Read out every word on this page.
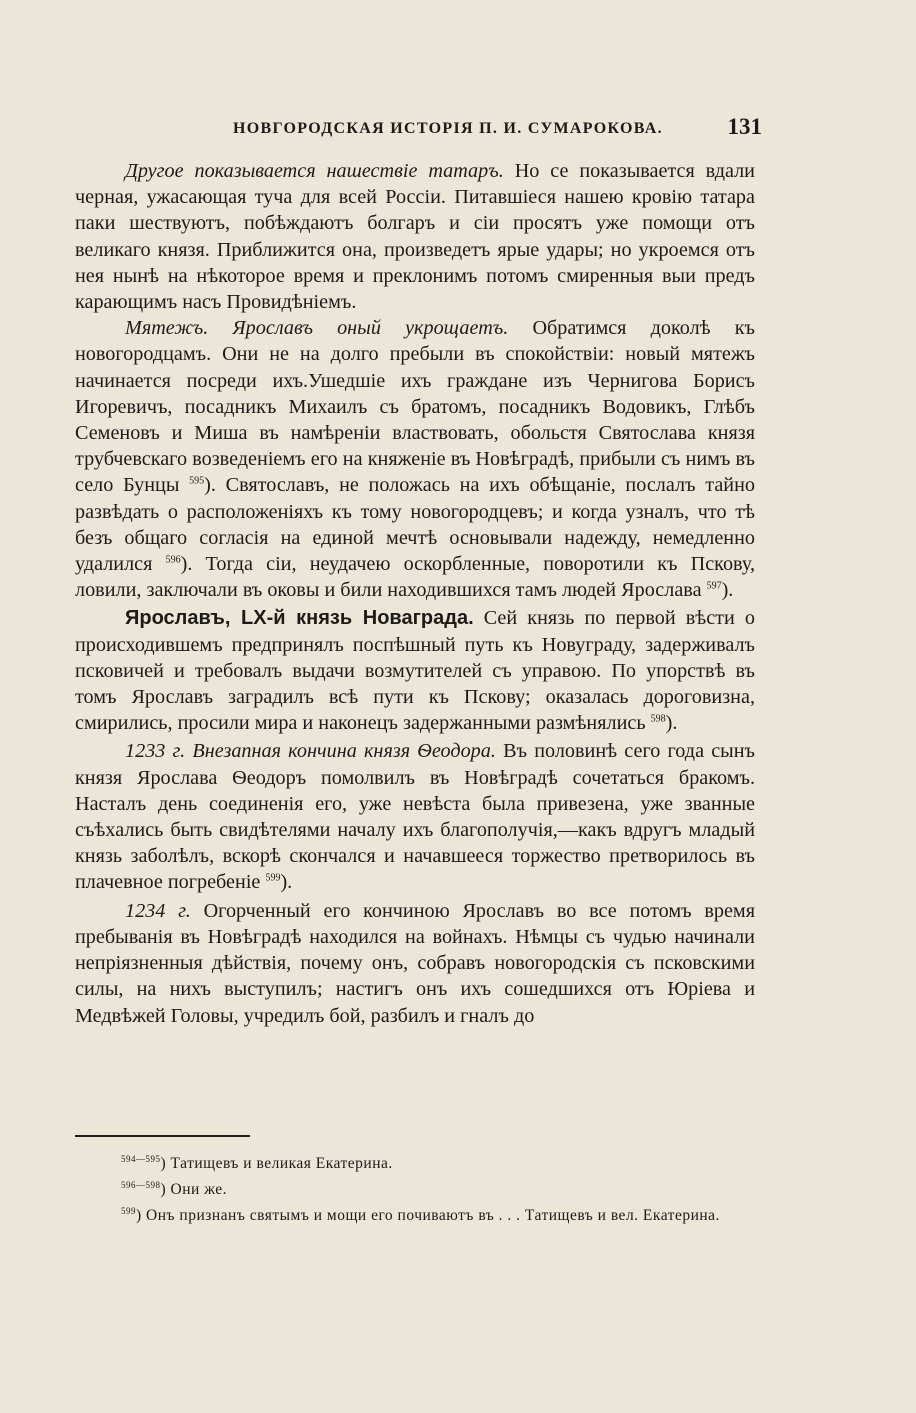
НОВГОРОДСКАЯ ИСТОРІЯ П. И. СУМАРОКОВА.	131

Другое показывается нашествіе татаръ. Но се показывается вдали черная, ужасающая туча для всей Россіи. Питавшіеся нашею кровію татара паки шествуютъ, побѣждаютъ болгаръ и сіи просятъ уже помощи отъ великаго князя. Приближится она, произведетъ ярые удары; но укроемся отъ нея нынѣ на нѣкоторое время и преклонимъ потомъ смиренныя выи предъ карающимъ насъ Провидѣніемъ.

Мятежъ. Ярославъ оный укрощаетъ. Обратимся доколѣ къ новогородцамъ. Они не на долго пребыли въ спокойствіи: новый мятежъ начинается посреди ихъ.Ушедшіе ихъ граждане изъ Чернигова Борисъ Игоревичъ, посадникъ Михаилъ съ братомъ, посадникъ Водовикъ, Глѣбъ Семеновъ и Миша въ намѣреніи властвовать, обольстя Святослава князя трубчевскаго возведеніемъ его на княженіе въ Новѣградѣ, прибыли съ нимъ въ село Бунцы $^{595}$). Святославъ, не положась на ихъ обѣщаніе, послалъ тайно развѣдать о расположеніяхъ къ тому новогородцевъ; и когда узналъ, что тѣ безъ общаго согласія на единой мечтѣ основывали надежду, немедленно удалился $^{596}$). Тогда сіи, неудачею оскорбленные, поворотили къ Пскову, ловили, заключали въ оковы и били находившихся тамъ людей Ярослава $^{597}$).

Ярославъ, LX-й князь Новаграда. Сей князь по первой вѣсти о происходившемъ предпринялъ поспѣшный путь къ Новуграду, задерживалъ псковичей и требовалъ выдачи возмутителей съ управою. По упорствѣ въ томъ Ярославъ заградилъ всѣ пути къ Пскову; оказалась дороговизна, смирились, просили мира и наконецъ задержанными размѣнялись $^{598}$).

1233 г. Внезапная кончина князя Ѳеодора. Въ половинѣ сего года сынъ князя Ярослава Ѳеодоръ помолвилъ въ Новѣградѣ сочетаться бракомъ. Насталъ день соединенія его, уже невѣста была привезена, уже званные съѣхались быть свидѣтелями началу ихъ благополучія,—какъ вдругъ младый князь заболѣлъ, вскорѣ скончался и начавшееся торжество претворилось въ плачевное погребеніе $^{599}$).

1234 г. Огорченный его кончиною Ярославъ во все потомъ время пребыванія въ Новѣградѣ находился на войнахъ. Нѣмцы съ чудью начинали непріязненныя дѣйствія, почему онъ, собравъ новогородскія съ псковскими силы, на нихъ выступилъ; настигъ онъ ихъ сошедшихся отъ Юріева и Медвѣжей Головы, учредилъ бой, разбилъ и гналъ до

$^{594—595}$) Татищевъ и великая Екатерина.

$^{596—598}$) Они же.

$^{599}$) Онъ признанъ святымъ и мощи его почиваютъ въ . . . Татищевъ и вел. Екатерина.
